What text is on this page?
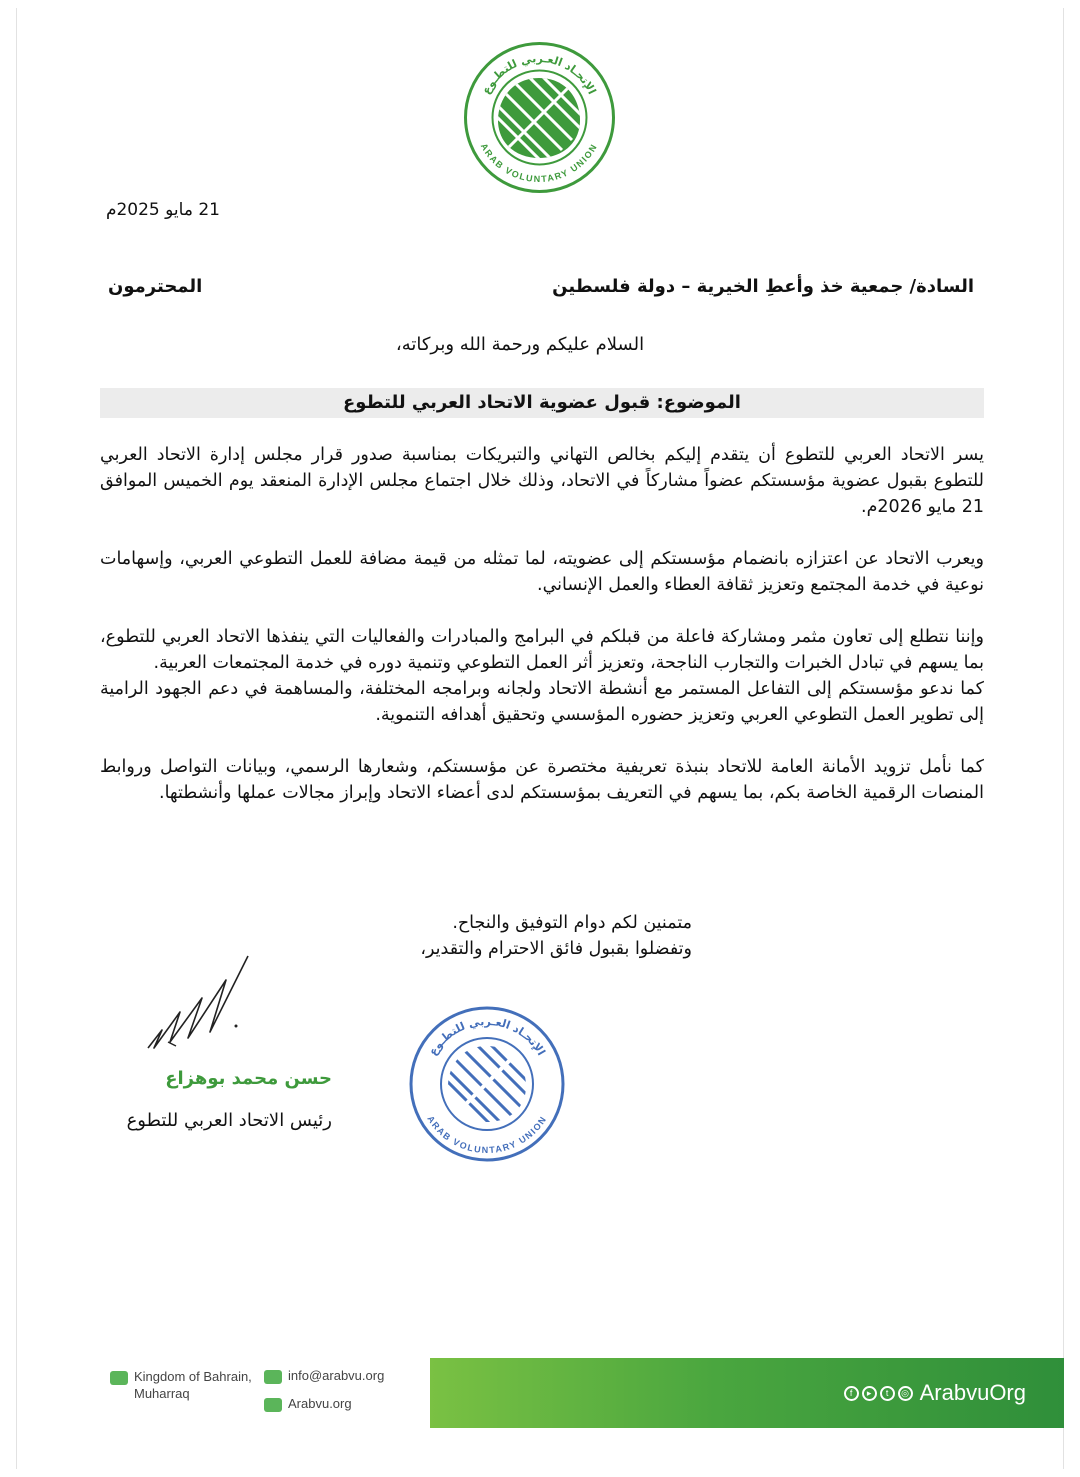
الإتحـاد العـربي للتطـوع
ARAB VOLUNTARY UNION
21 مايو 2025م
السادة/ جمعية خذ وأعطِ الخيرية – دولة فلسطين
المحترمون
السلام عليكم ورحمة الله وبركاته،
الموضوع: قبول عضوية الاتحاد العربي للتطوع

يسر الاتحاد العربي للتطوع أن يتقدم إليكم بخالص التهاني والتبريكات بمناسبة صدور قرار مجلس إدارة الاتحاد العربي للتطوع بقبول عضوية مؤسستكم عضواً مشاركاً في الاتحاد، وذلك خلال اجتماع مجلس الإدارة المنعقد يوم الخميس الموافق 21 مايو 2026م.

ويعرب الاتحاد عن اعتزازه بانضمام مؤسستكم إلى عضويته، لما تمثله من قيمة مضافة للعمل التطوعي العربي، وإسهامات نوعية في خدمة المجتمع وتعزيز ثقافة العطاء والعمل الإنساني.

وإننا نتطلع إلى تعاون مثمر ومشاركة فاعلة من قبلكم في البرامج والمبادرات والفعاليات التي ينفذها الاتحاد العربي للتطوع، بما يسهم في تبادل الخبرات والتجارب الناجحة، وتعزيز أثر العمل التطوعي وتنمية دوره في خدمة المجتمعات العربية.

كما ندعو مؤسستكم إلى التفاعل المستمر مع أنشطة الاتحاد ولجانه وبرامجه المختلفة، والمساهمة في دعم الجهود الرامية إلى تطوير العمل التطوعي العربي وتعزيز حضوره المؤسسي وتحقيق أهدافه التنموية.

كما نأمل تزويد الأمانة العامة للاتحاد بنبذة تعريفية مختصرة عن مؤسستكم، وشعارها الرسمي، وبيانات التواصل وروابط المنصات الرقمية الخاصة بكم، بما يسهم في التعريف بمؤسستكم لدى أعضاء الاتحاد وإبراز مجالات عملها وأنشطتها.

متمنين لكم دوام التوفيق والنجاح.
وتفضلوا بقبول فائق الاحترام والتقدير،
حسن محمد بوهزاع
رئيس الاتحاد العربي للتطوع
الإتحـاد العـربي للتطـوع
ARAB VOLUNTARY UNION
Kingdom of Bahrain,
Muharraq
info@arabvu.org
Arabvu.org
f	▸	t	◎ ArabvuOrg
